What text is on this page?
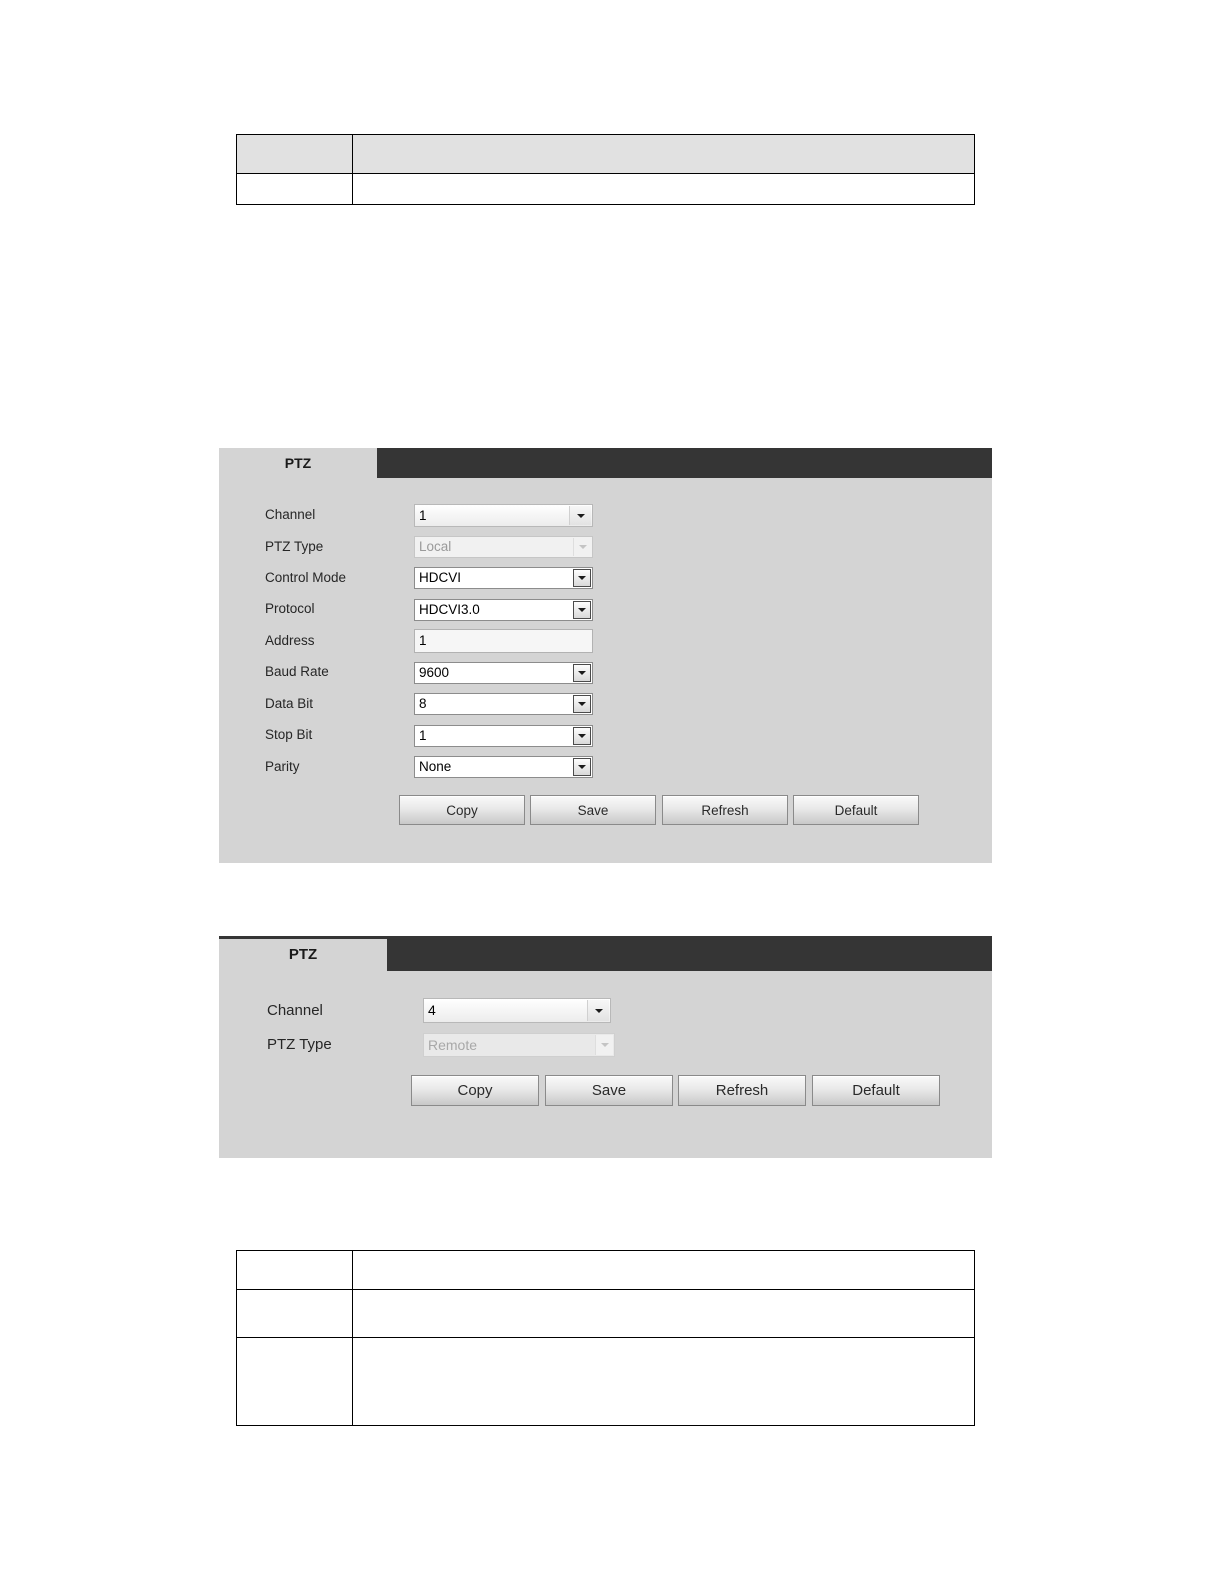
PTZ
Channel	1
PTZ Type	Local
Control Mode	HDCVI
Protocol	HDCVI3.0
Address	1
Baud Rate	9600
Data Bit	8
Stop Bit	1
Parity	None
Copy	Save	Refresh	Default
PTZ
Channel	4
PTZ Type	Remote
Copy	Save	Refresh	Default
